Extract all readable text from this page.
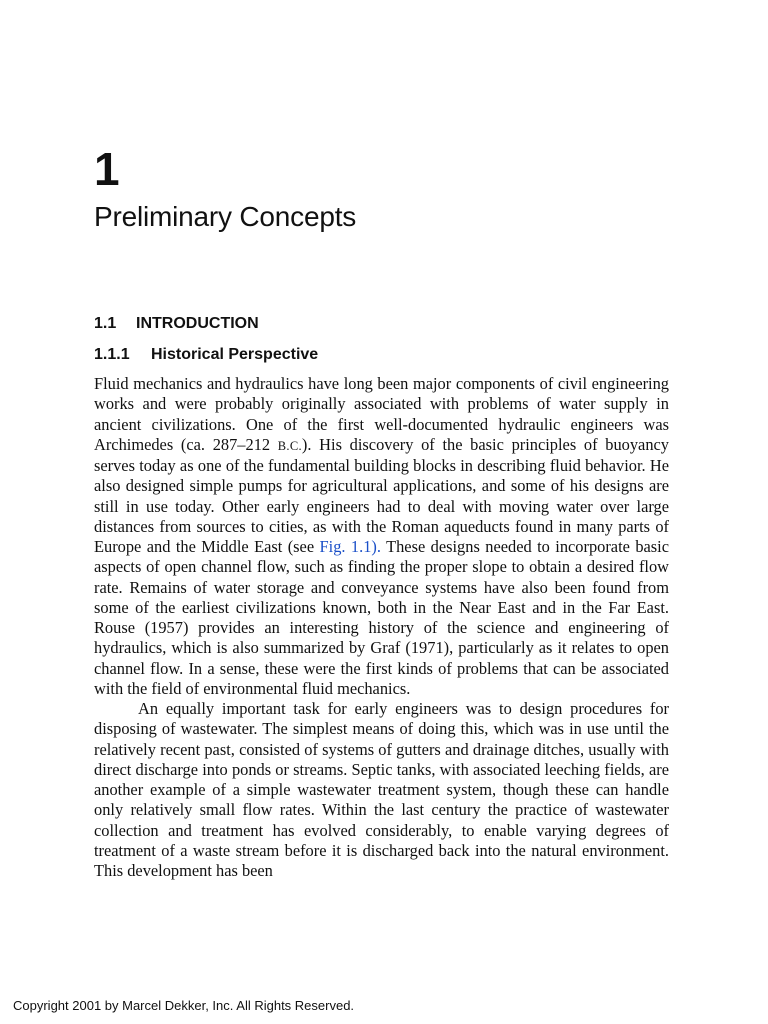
1
Preliminary Concepts
1.1 INTRODUCTION
1.1.1 Historical Perspective

Fluid mechanics and hydraulics have long been major components of civil engineering works and were probably originally associated with problems of water supply in ancient civilizations. One of the first well-documented hydraulic engineers was Archimedes (ca. 287–212 B.C.). His discovery of the basic principles of buoyancy serves today as one of the fundamental building blocks in describing fluid behavior. He also designed simple pumps for agricultural applications, and some of his designs are still in use today. Other early engineers had to deal with moving water over large distances from sources to cities, as with the Roman aqueducts found in many parts of Europe and the Middle East (see Fig. 1.1). These designs needed to incorporate basic aspects of open channel flow, such as finding the proper slope to obtain a desired flow rate. Remains of water storage and conveyance systems have also been found from some of the earliest civilizations known, both in the Near East and in the Far East. Rouse (1957) provides an interesting history of the science and engineering of hydraulics, which is also summarized by Graf (1971), particularly as it relates to open channel flow. In a sense, these were the first kinds of problems that can be associated with the field of environmental fluid mechanics.

An equally important task for early engineers was to design procedures for disposing of wastewater. The simplest means of doing this, which was in use until the relatively recent past, consisted of systems of gutters and drainage ditches, usually with direct discharge into ponds or streams. Septic tanks, with associated leeching fields, are another example of a simple wastewater treatment system, though these can handle only relatively small flow rates. Within the last century the practice of wastewater collection and treatment has evolved considerably, to enable varying degrees of treatment of a waste stream before it is discharged back into the natural environment. This development has been

Copyright 2001 by Marcel Dekker, Inc. All Rights Reserved.
